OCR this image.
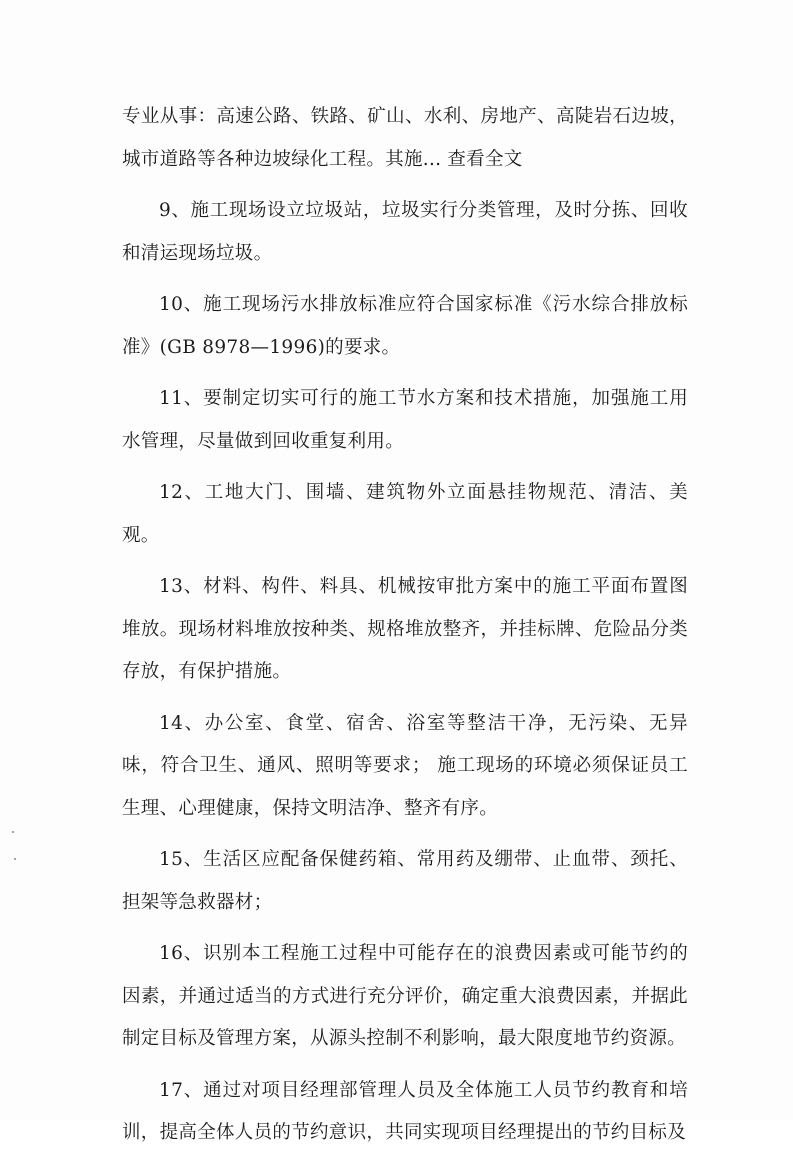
专业从事：高速公路、铁路、矿山、水利、房地产、高陡岩石边坡，城市道路等各种边坡绿化工程。其施... 查看全文

9、施工现场设立垃圾站，垃圾实行分类管理，及时分拣、回收和清运现场垃圾。

10、施工现场污水排放标准应符合国家标准《污水综合排放标准》(GB 8978—1996)的要求。

11、要制定切实可行的施工节水方案和技术措施，加强施工用水管理，尽量做到回收重复利用。

12、工地大门、围墙、建筑物外立面悬挂物规范、清洁、美观。

13、材料、构件、料具、机械按审批方案中的施工平面布置图堆放。现场材料堆放按种类、规格堆放整齐，并挂标牌、危险品分类存放，有保护措施。

14、办公室、食堂、宿舍、浴室等整洁干净，无污染、无异味，符合卫生、通风、照明等要求； 施工现场的环境必须保证员工生理、心理健康，保持文明洁净、整齐有序。

15、生活区应配备保健药箱、常用药及绷带、止血带、颈托、担架等急救器材；

16、识别本工程施工过程中可能存在的浪费因素或可能节约的因素，并通过适当的方式进行充分评价，确定重大浪费因素，并据此制定目标及管理方案，从源头控制不利影响，最大限度地节约资源。

17、通过对项目经理部管理人员及全体施工人员节约教育和培训，提高全体人员的节约意识，共同实现项目经理提出的节约目标及
